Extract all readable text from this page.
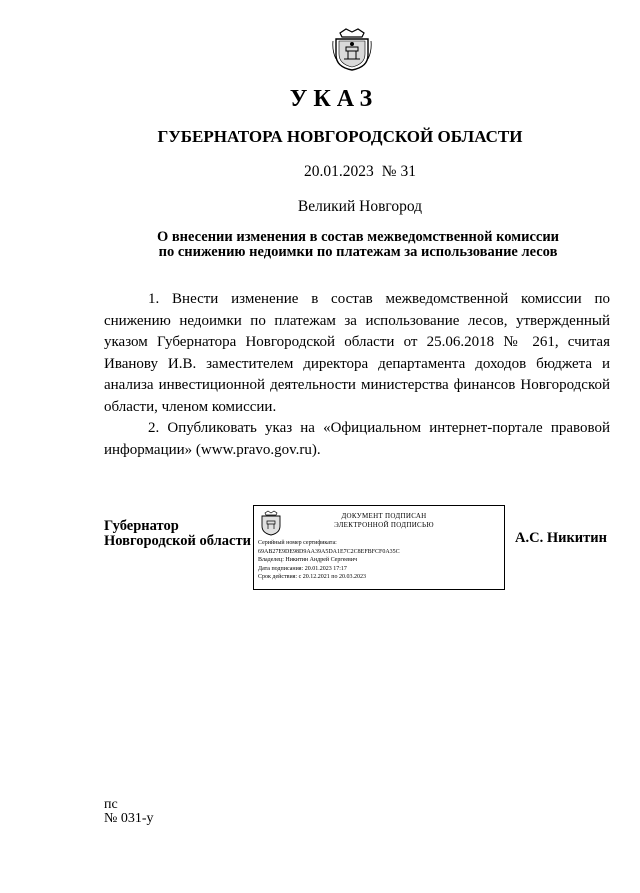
УКАЗ
ГУБЕРНАТОРА НОВГОРОДСКОЙ ОБЛАСТИ
20.01.2023 № 31
Великий Новгород
О внесении изменения в состав межведомственной комиссии
по снижению недоимки по платежам за использование лесов

1. Внести изменение в состав межведомственной комиссии по снижению недоимки по платежам за использование лесов, утвержденный указом Губернатора Новгородской области от 25.06.2018 № 261, считая Иванову И.В. заместителем директора департамента доходов бюджета и анализа инвестиционной деятельности министерства финансов Новгородской области, членом комиссии.

2. Опубликовать указ на «Официальном интернет-портале правовой информации» (www.pravo.gov.ru).

Губернатор
Новгородской области
ДОКУМЕНТ ПОДПИСАН
ЭЛЕКТРОННОЙ ПОДПИСЬЮ
Серийный номер сертификата:
69AB27E9DE98D9AA39A5DA1E7C2C8EFBFCF0A35C
Владелец: Никитин Андрей Сергеевич
Дата подписания: 20.01.2023 17:17
Срок действия: с 20.12.2021 по 20.03.2023
А.С. Никитин
пс
№ 031-у
